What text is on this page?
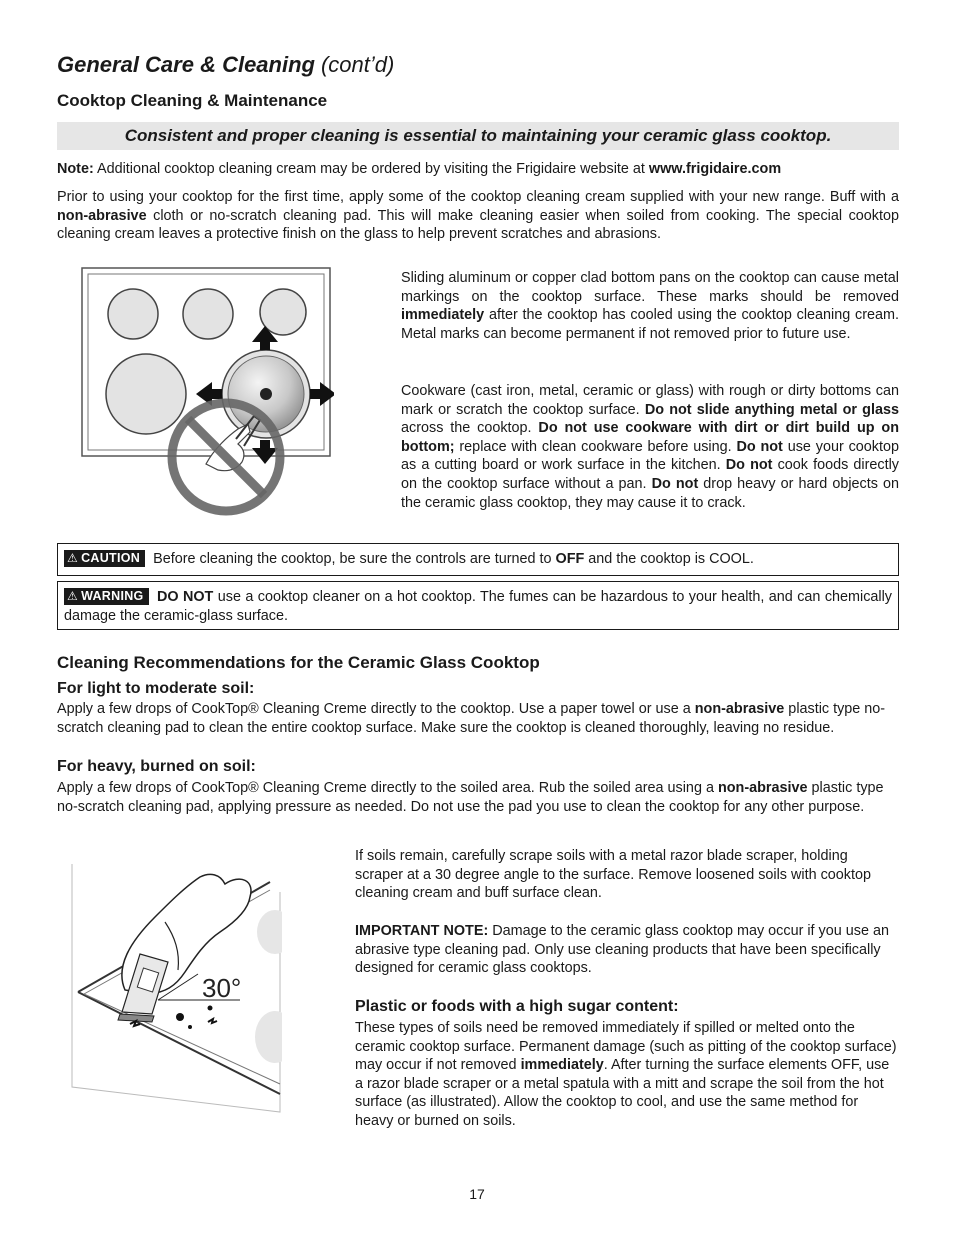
General Care & Cleaning (cont’d)
Cooktop Cleaning & Maintenance
Consistent and proper cleaning is essential to maintaining your ceramic glass cooktop.
Note: Additional cooktop cleaning cream may be ordered by visiting the Frigidaire website at www.frigidaire.com
Prior to using your cooktop for the first time, apply some of the cooktop cleaning cream supplied with your new range. Buff with a non-abrasive cloth or no-scratch cleaning pad. This will make cleaning easier when soiled from cooking. The special cooktop cleaning cream leaves a protective finish on the glass to help prevent scratches and abrasions.
Sliding aluminum or copper clad bottom pans on the cooktop can cause metal markings on the cooktop surface. These marks should be removed immediately after the cooktop has cooled using the cooktop cleaning cream. Metal marks can become permanent if not removed prior to future use.
Cookware (cast iron, metal, ceramic or glass) with rough or dirty bottoms can mark or scratch the cooktop surface. Do not slide anything metal or glass across the cooktop. Do not use cookware with dirt or dirt build up on bottom; replace with clean cookware before using. Do not use your cooktop as a cutting board or work surface in the kitchen. Do not cook foods directly on the cooktop surface without a pan. Do not drop heavy or hard objects on the ceramic glass cooktop, they may cause it to crack.
⚠ CAUTION Before cleaning the cooktop, be sure the controls are turned to OFF and the cooktop is COOL.
⚠ WARNING DO NOT use a cooktop cleaner on a hot cooktop. The fumes can be hazardous to your health, and can chemically damage the ceramic-glass surface.
Cleaning Recommendations for the Ceramic Glass Cooktop
For light to moderate soil:
Apply a few drops of CookTop® Cleaning Creme directly to the cooktop. Use a paper towel or use a non-abrasive plastic type no-scratch cleaning pad to clean the entire cooktop surface. Make sure the cooktop is cleaned thoroughly, leaving no residue.
For heavy, burned on soil:
Apply a few drops of CookTop® Cleaning Creme directly to the soiled area. Rub the soiled area using a non-abrasive plastic type no-scratch cleaning pad, applying pressure as needed. Do not use the pad you use to clean the cooktop for any other purpose.
30°
If soils remain, carefully scrape soils with a metal razor blade scraper, holding scraper at a 30 degree angle to the surface. Remove loosened soils with cooktop cleaning cream and buff surface clean.
IMPORTANT NOTE: Damage to the ceramic glass cooktop may occur if you use an abrasive type cleaning pad. Only use cleaning products that have been specifically designed for ceramic glass cooktops.
Plastic or foods with a high sugar content:
These types of soils need be removed immediately if spilled or melted onto the ceramic cooktop surface. Permanent damage (such as pitting of the cooktop surface) may occur if not removed immediately. After turning the surface elements OFF, use a razor blade scraper or a metal spatula with a mitt and scrape the soil from the hot surface (as illustrated). Allow the cooktop to cool, and use the same method for heavy or burned on soils.
17
